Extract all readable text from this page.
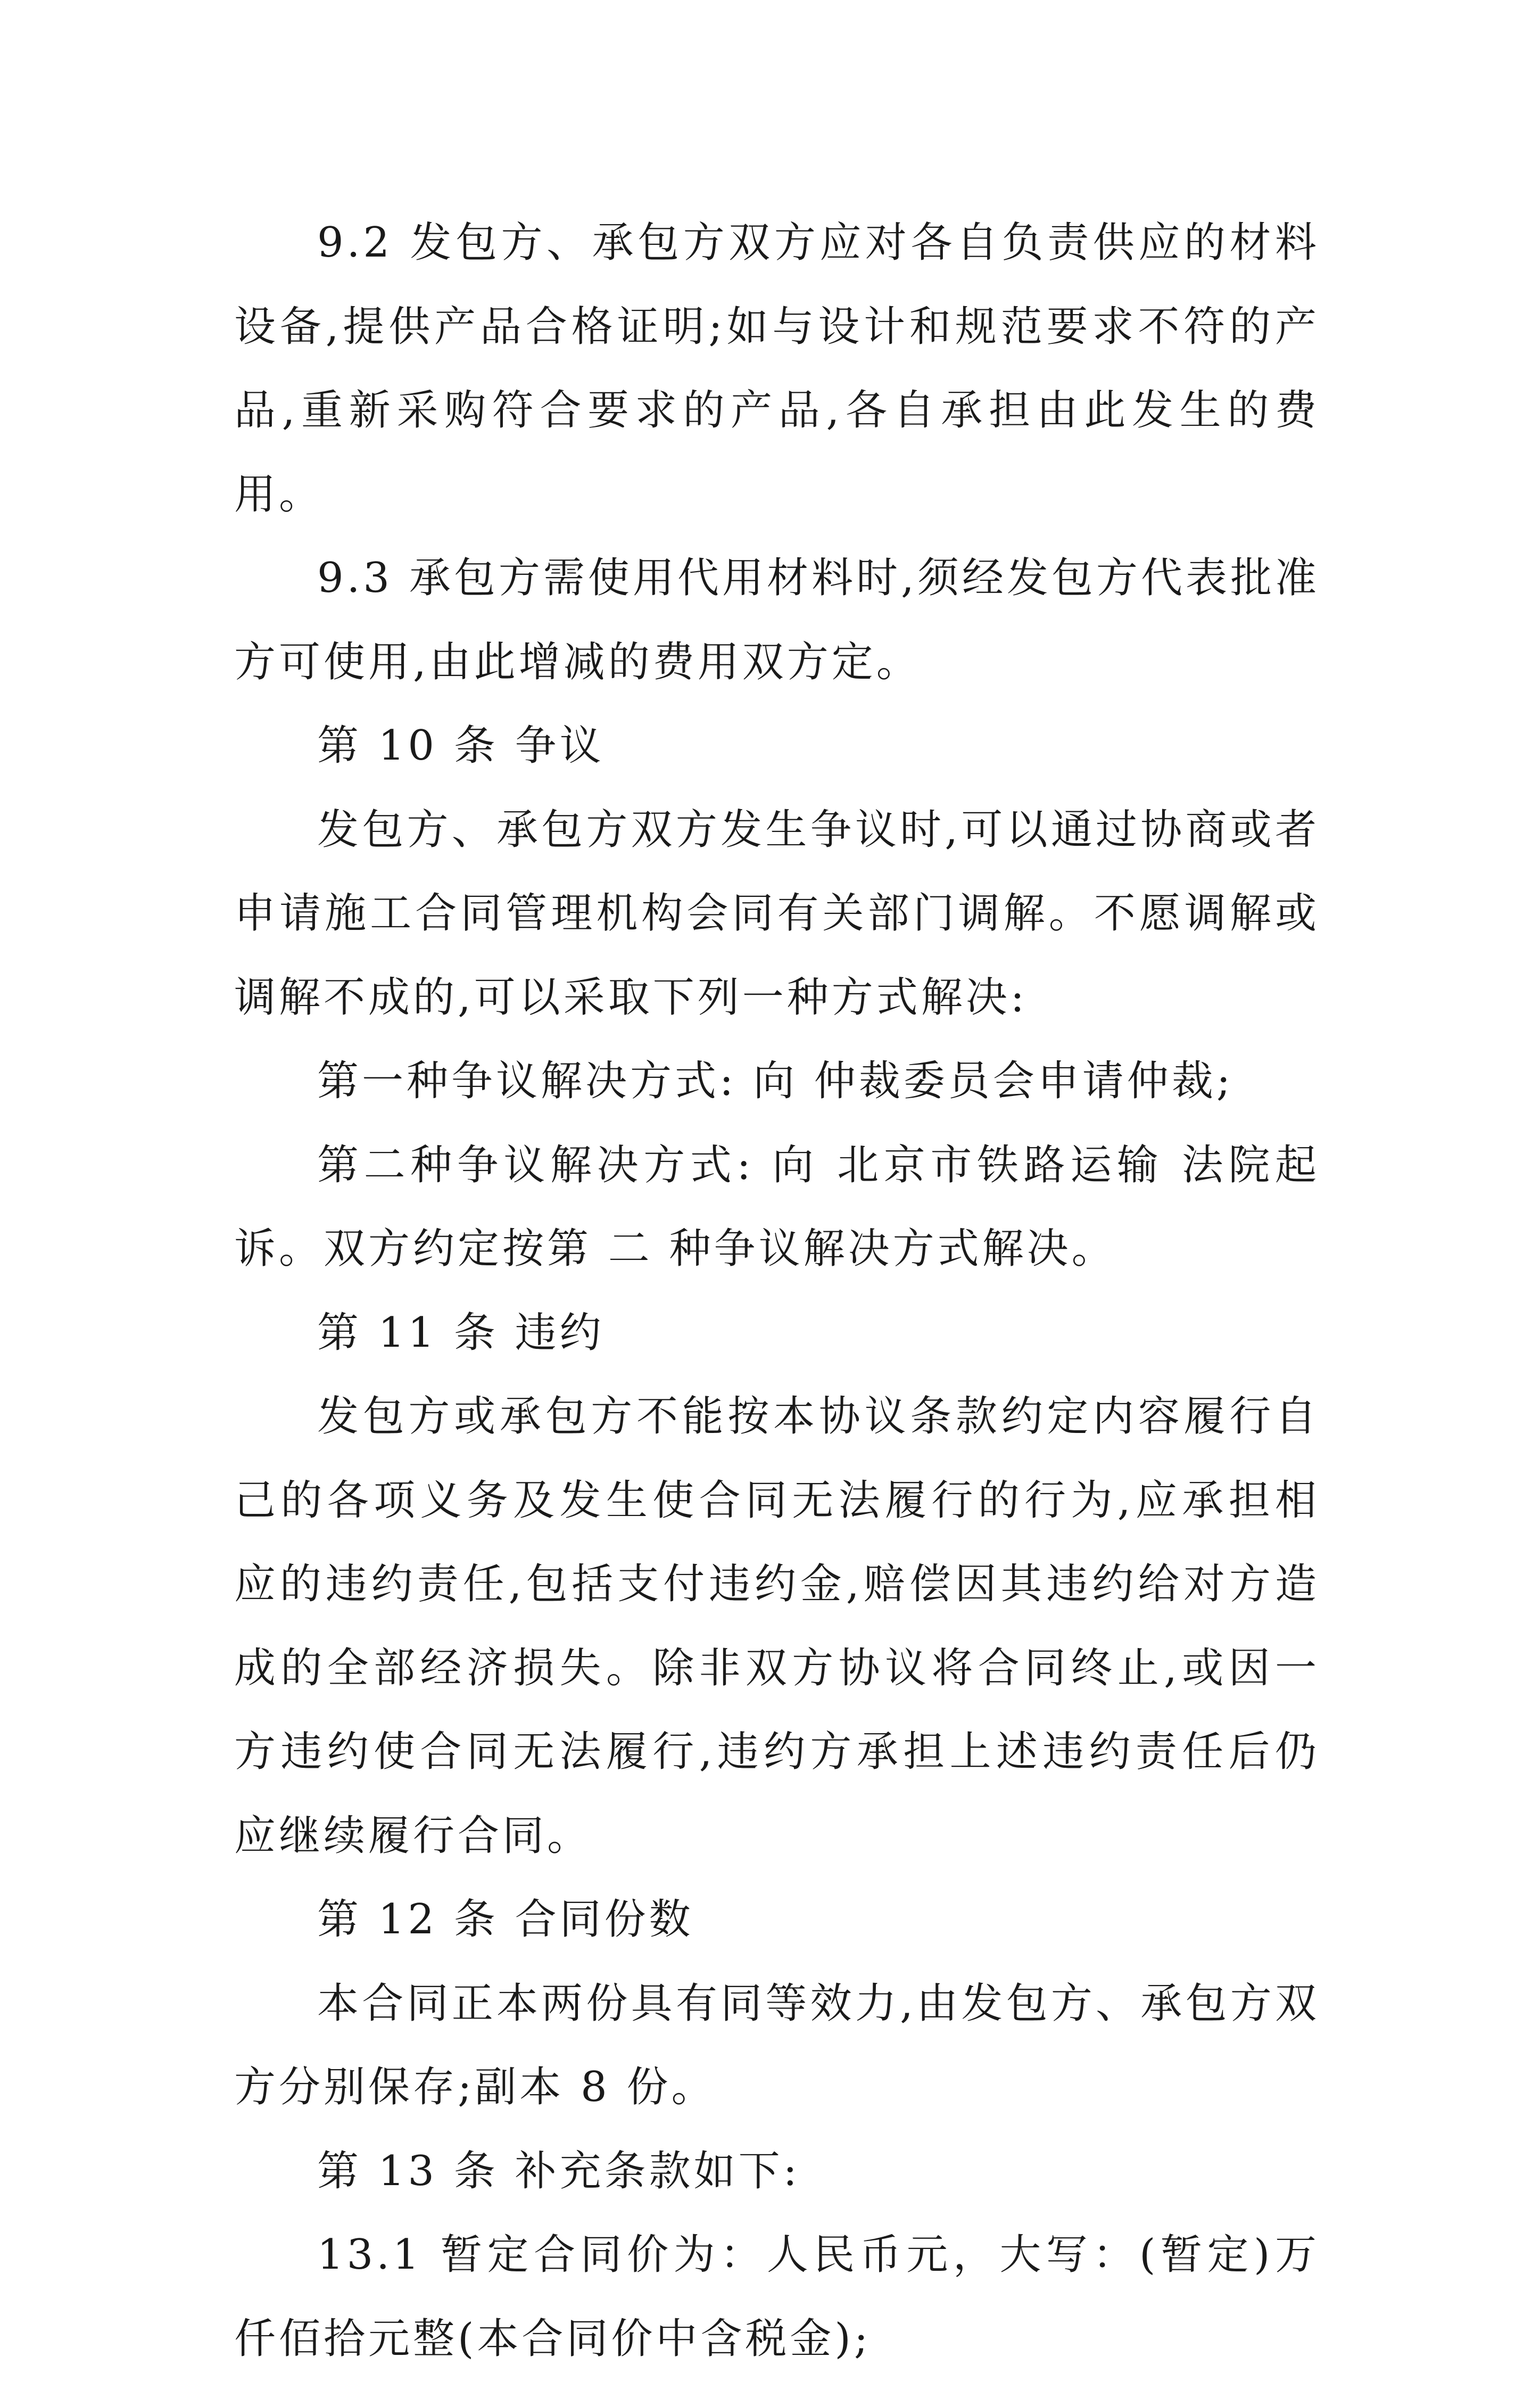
9.2 发包方、承包方双方应对各自负责供应的材料设备,提供产品合格证明;如与设计和规范要求不符的产品,重新采购符合要求的产品,各自承担由此发生的费用。

9.3 承包方需使用代用材料时,须经发包方代表批准方可使用,由此增减的费用双方定。

第 10 条 争议

发包方、承包方双方发生争议时,可以通过协商或者申请施工合同管理机构会同有关部门调解。不愿调解或调解不成的,可以采取下列一种方式解决:

第一种争议解决方式: 向 仲裁委员会申请仲裁;

第二种争议解决方式: 向 北京市铁路运输 法院起诉。双方约定按第 二 种争议解决方式解决。

第 11 条 违约

发包方或承包方不能按本协议条款约定内容履行自己的各项义务及发生使合同无法履行的行为,应承担相应的违约责任,包括支付违约金,赔偿因其违约给对方造成的全部经济损失。除非双方协议将合同终止,或因一方违约使合同无法履行,违约方承担上述违约责任后仍应继续履行合同。

第 12 条 合同份数

本合同正本两份具有同等效力,由发包方、承包方双方分别保存;副本 8 份。

第 13 条 补充条款如下:

13.1 暂定合同价为：人民币元，大写：(暂定)万仟佰拾元整(本合同价中含税金);
